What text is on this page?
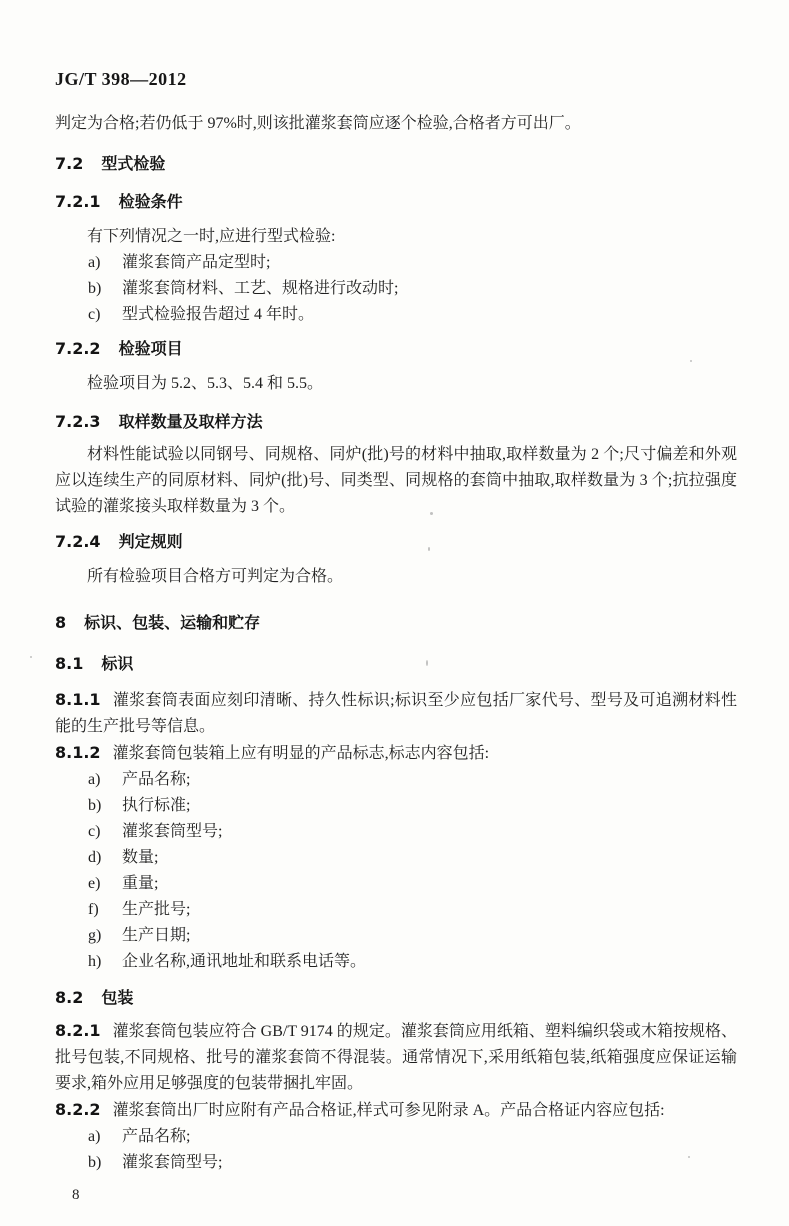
JG/T 398—2012

判定为合格;若仍低于 97%时,则该批灌浆套筒应逐个检验,合格者方可出厂。

7.2 型式检验
7.2.1 检验条件

有下列情况之一时,应进行型式检验:

a) 灌浆套筒产品定型时;
b) 灌浆套筒材料、工艺、规格进行改动时;
c) 型式检验报告超过 4 年时。
7.2.2 检验项目

检验项目为 5.2、5.3、5.4 和 5.5。

7.2.3 取样数量及取样方法

材料性能试验以同钢号、同规格、同炉(批)号的材料中抽取,取样数量为 2 个;尺寸偏差和外观应以连续生产的同原材料、同炉(批)号、同类型、同规格的套筒中抽取,取样数量为 3 个;抗拉强度试验的灌浆接头取样数量为 3 个。

7.2.4 判定规则

所有检验项目合格方可判定为合格。

8 标识、包装、运输和贮存
8.1 标识

8.1.1 灌浆套筒表面应刻印清晰、持久性标识;标识至少应包括厂家代号、型号及可追溯材料性能的生产批号等信息。

8.1.2 灌浆套筒包装箱上应有明显的产品标志,标志内容包括:

a) 产品名称;
b) 执行标准;
c) 灌浆套筒型号;
d) 数量;
e) 重量;
f) 生产批号;
g) 生产日期;
h) 企业名称,通讯地址和联系电话等。
8.2 包装

8.2.1 灌浆套筒包装应符合 GB/T 9174 的规定。灌浆套筒应用纸箱、塑料编织袋或木箱按规格、批号包装,不同规格、批号的灌浆套筒不得混装。通常情况下,采用纸箱包装,纸箱强度应保证运输要求,箱外应用足够强度的包装带捆扎牢固。

8.2.2 灌浆套筒出厂时应附有产品合格证,样式可参见附录 A。产品合格证内容应包括:

a) 产品名称;
b) 灌浆套筒型号;
8
